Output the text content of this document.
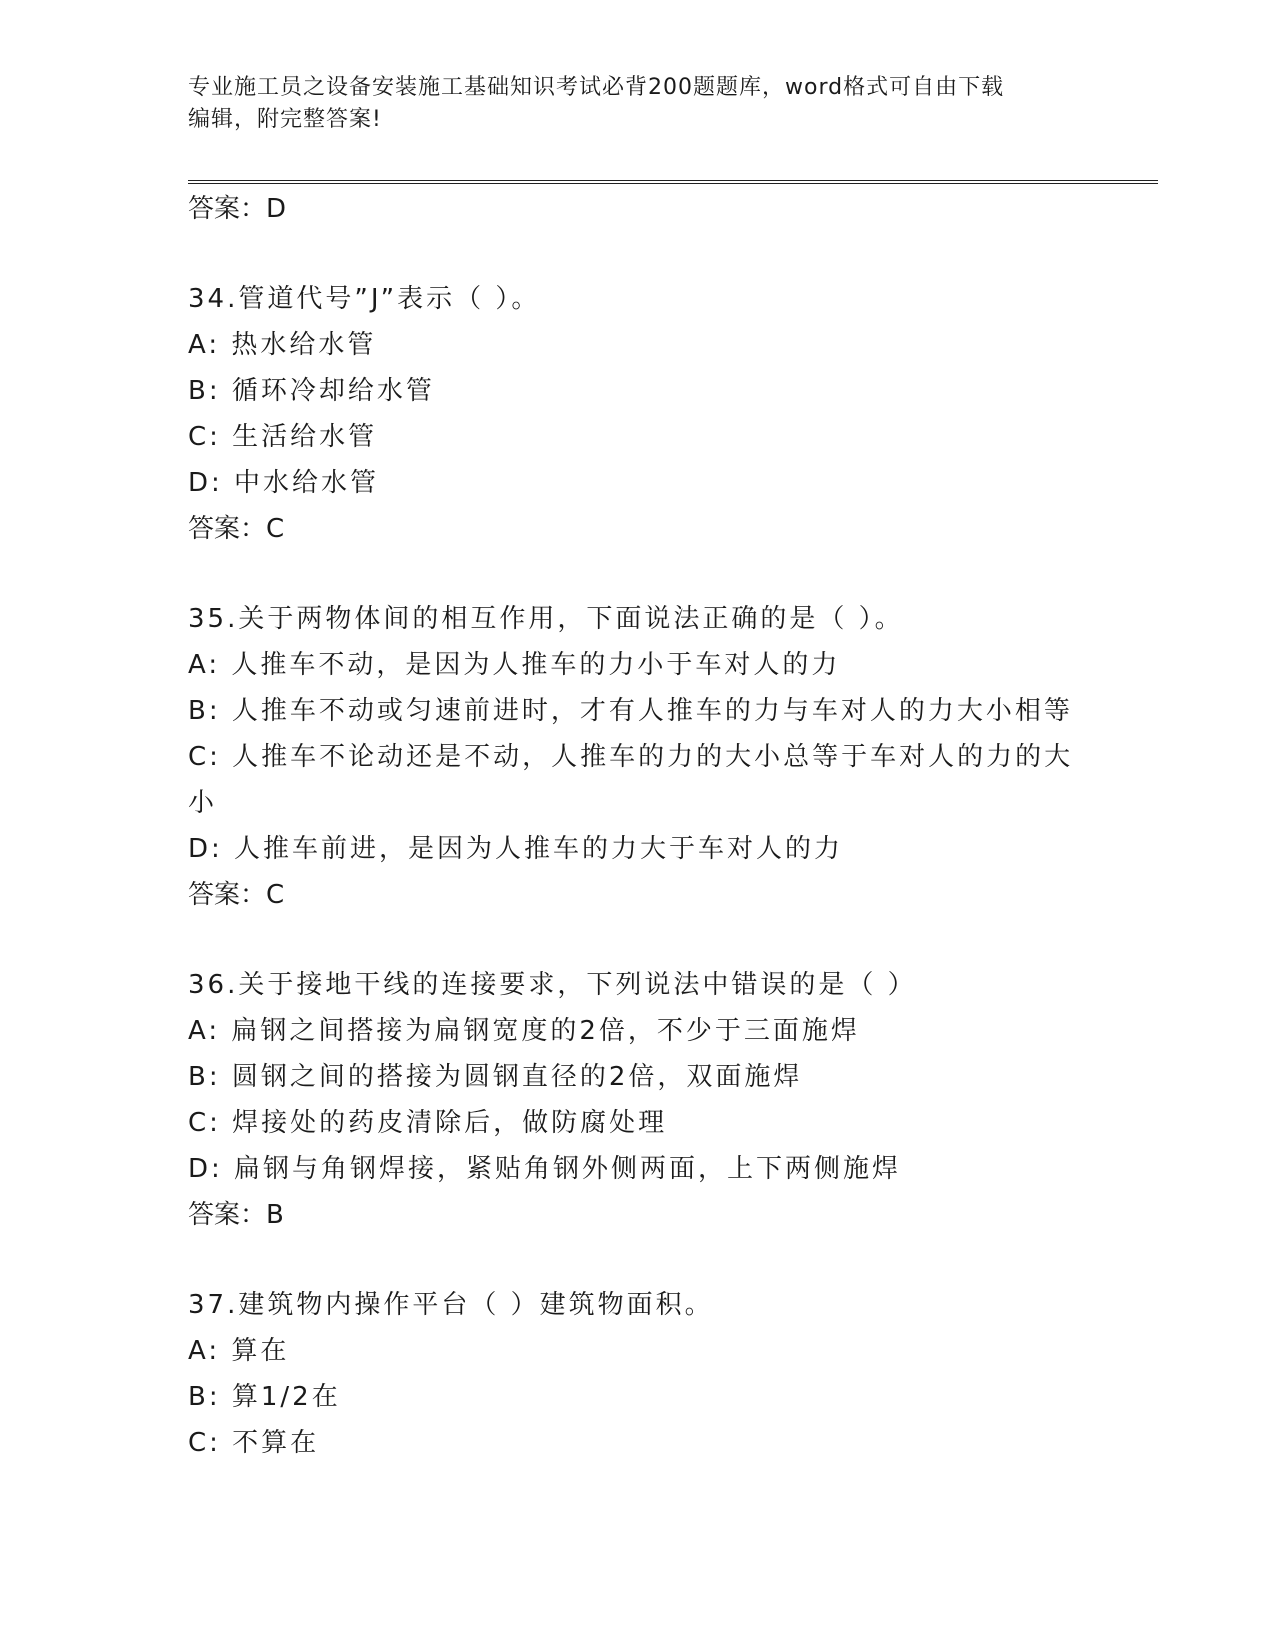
专业施工员之设备安装施工基础知识考试必背200题题库，word格式可自由下载
编辑，附完整答案!
答案：D
34.管道代号”J”表示（ ）。
A: 热水给水管
B: 循环冷却给水管
C: 生活给水管
D: 中水给水管
答案：C
35.关于两物体间的相互作用，下面说法正确的是（ ）。
A: 人推车不动，是因为人推车的力小于车对人的力
B: 人推车不动或匀速前进时，才有人推车的力与车对人的力大小相等
C: 人推车不论动还是不动，人推车的力的大小总等于车对人的力的大
小
D: 人推车前进，是因为人推车的力大于车对人的力
答案：C
36.关于接地干线的连接要求，下列说法中错误的是（ ）
A: 扁钢之间搭接为扁钢宽度的2倍，不少于三面施焊
B: 圆钢之间的搭接为圆钢直径的2倍，双面施焊
C: 焊接处的药皮清除后，做防腐处理
D: 扁钢与角钢焊接，紧贴角钢外侧两面，上下两侧施焊
答案：B
37.建筑物内操作平台（ ）建筑物面积。
A: 算在
B: 算1/2在
C: 不算在
